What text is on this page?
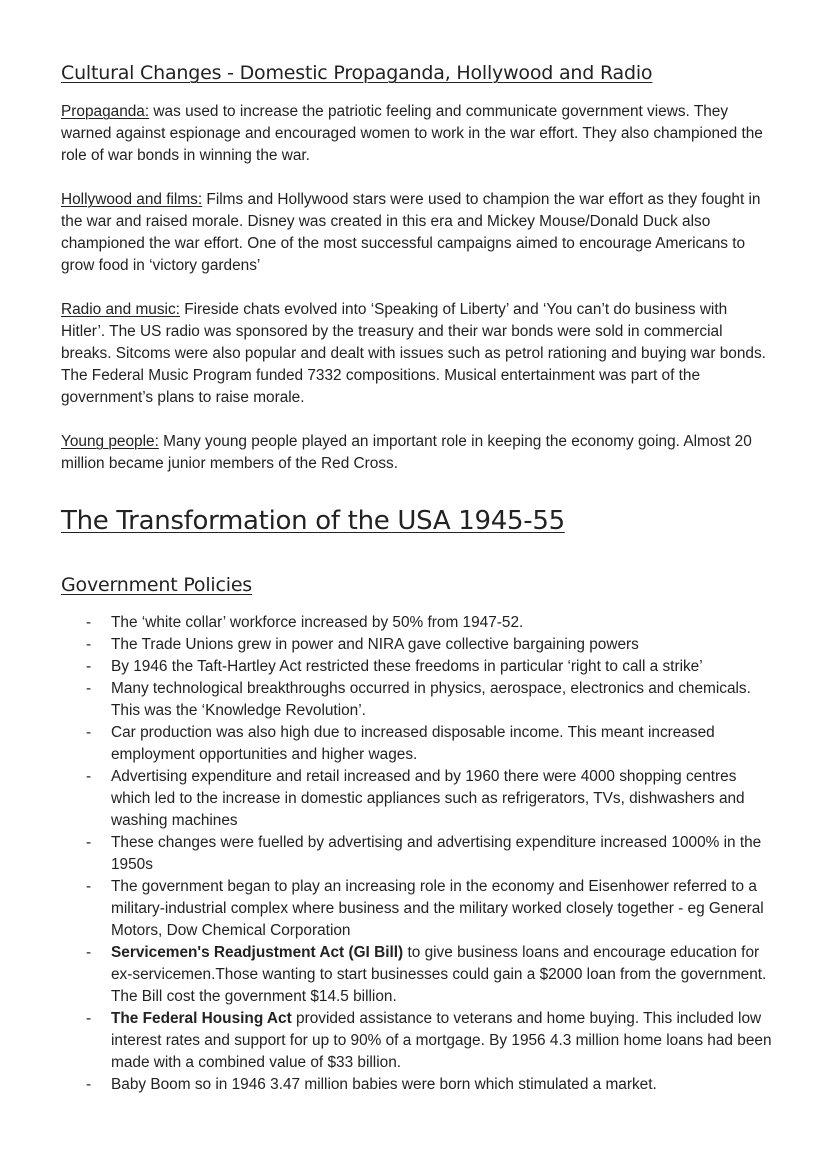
Cultural Changes - Domestic Propaganda, Hollywood and Radio

Propaganda: was used to increase the patriotic feeling and communicate government views. They warned against espionage and encouraged women to work in the war effort. They also championed the role of war bonds in winning the war.

Hollywood and films: Films and Hollywood stars were used to champion the war effort as they fought in the war and raised morale. Disney was created in this era and Mickey Mouse/Donald Duck also championed the war effort. One of the most successful campaigns aimed to encourage Americans to grow food in ‘victory gardens’

Radio and music: Fireside chats evolved into ‘Speaking of Liberty’ and ‘You can’t do business with Hitler’. The US radio was sponsored by the treasury and their war bonds were sold in commercial breaks. Sitcoms were also popular and dealt with issues such as petrol rationing and buying war bonds. The Federal Music Program funded 7332 compositions. Musical entertainment was part of the government’s plans to raise morale.

Young people: Many young people played an important role in keeping the economy going. Almost 20 million became junior members of the Red Cross.

The Transformation of the USA 1945-55
Government Policies
- The ‘white collar’ workforce increased by 50% from 1947-52.
- The Trade Unions grew in power and NIRA gave collective bargaining powers
- By 1946 the Taft-Hartley Act restricted these freedoms in particular ‘right to call a strike’
- Many technological breakthroughs occurred in physics, aerospace, electronics and chemicals. This was the ‘Knowledge Revolution’.
- Car production was also high due to increased disposable income. This meant increased employment opportunities and higher wages.
- Advertising expenditure and retail increased and by 1960 there were 4000 shopping centres which led to the increase in domestic appliances such as refrigerators, TVs, dishwashers and washing machines
- These changes were fuelled by advertising and advertising expenditure increased 1000% in the 1950s
- The government began to play an increasing role in the economy and Eisenhower referred to a military-industrial complex where business and the military worked closely together - eg General Motors, Dow Chemical Corporation
- Servicemen's Readjustment Act (GI Bill) to give business loans and encourage education for ex-servicemen.Those wanting to start businesses could gain a $2000 loan from the government. The Bill cost the government $14.5 billion.
- The Federal Housing Act provided assistance to veterans and home buying. This included low interest rates and support for up to 90% of a mortgage. By 1956 4.3 million home loans had been made with a combined value of $33 billion.
- Baby Boom so in 1946 3.47 million babies were born which stimulated a market.
